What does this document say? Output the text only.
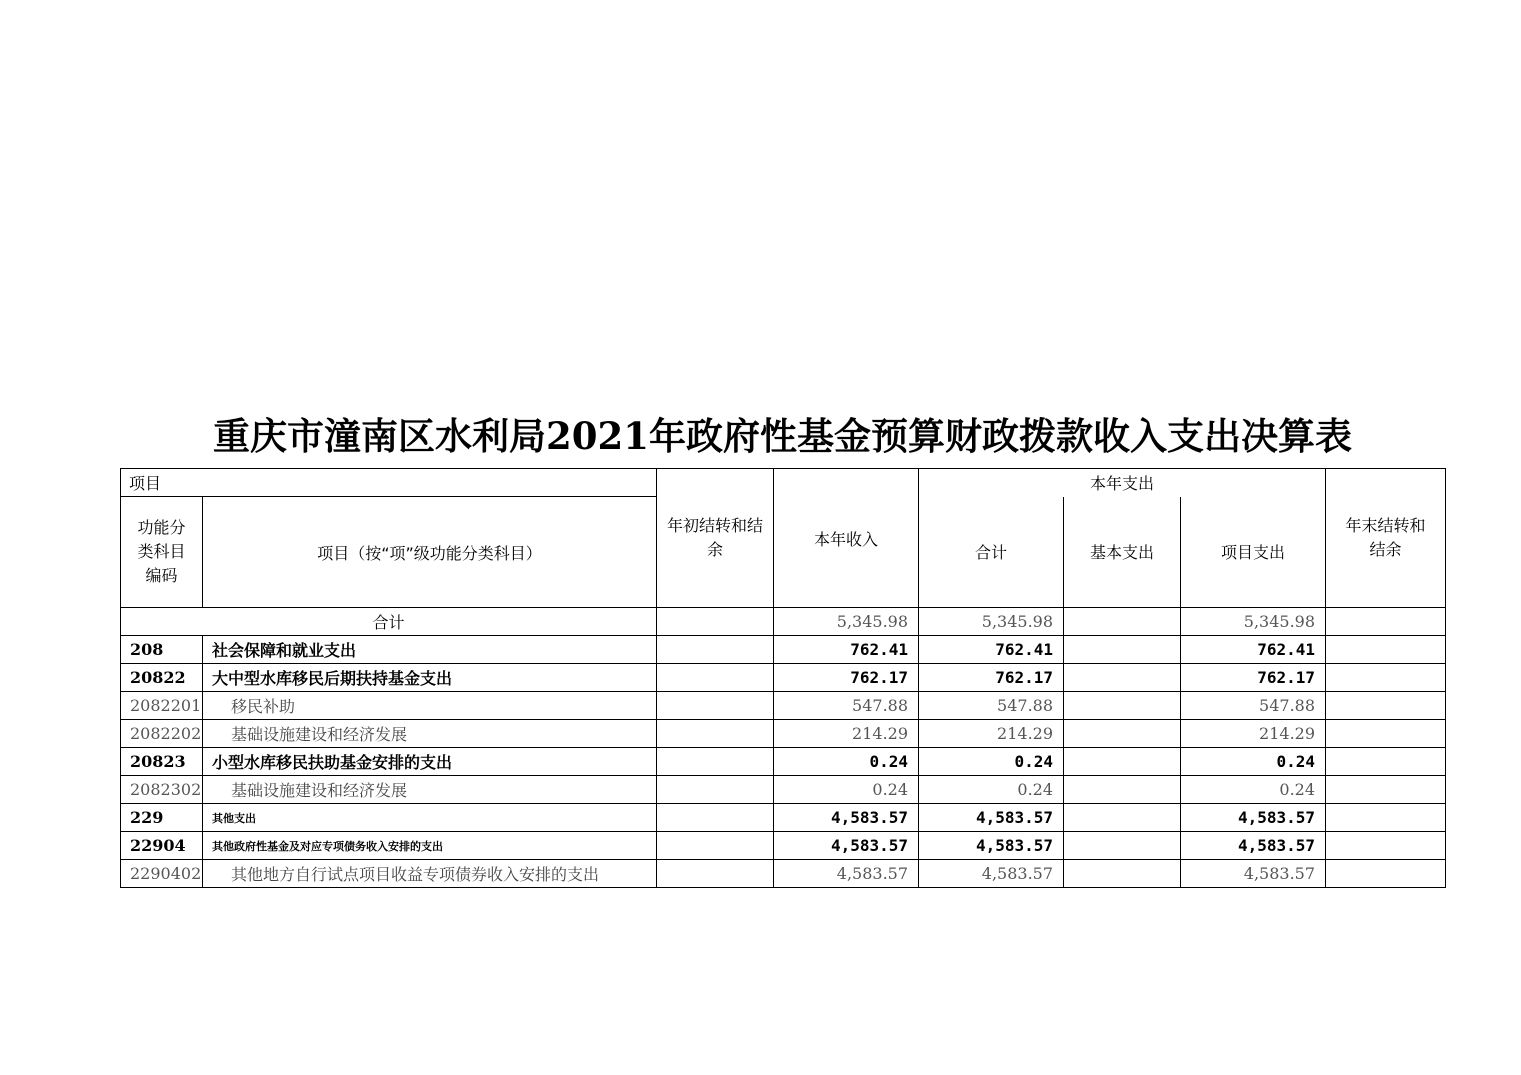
重庆市潼南区水利局2021年政府性基金预算财政拨款收入支出决算表
项目		年初结转和结余	本年收入	本年支出			年末结转和结余
功能分类科目编码	项目（按“项”级功能分类科目）			合计	基本支出	项目支出	
合计			5,345.98	5,345.98		5,345.98	
208	社会保障和就业支出		762.41	762.41		762.41	
20822	大中型水库移民后期扶持基金支出		762.17	762.17		762.17	
2082201	移民补助		547.88	547.88		547.88	
2082202	基础设施建设和经济发展		214.29	214.29		214.29	
20823	小型水库移民扶助基金安排的支出		0.24	0.24		0.24	
2082302	基础设施建设和经济发展		0.24	0.24		0.24	
229	其他支出		4,583.57	4,583.57		4,583.57	
22904	其他政府性基金及对应专项债务收入安排的支出		4,583.57	4,583.57		4,583.57	
2290402	其他地方自行试点项目收益专项债券收入安排的支出		4,583.57	4,583.57		4,583.57	
